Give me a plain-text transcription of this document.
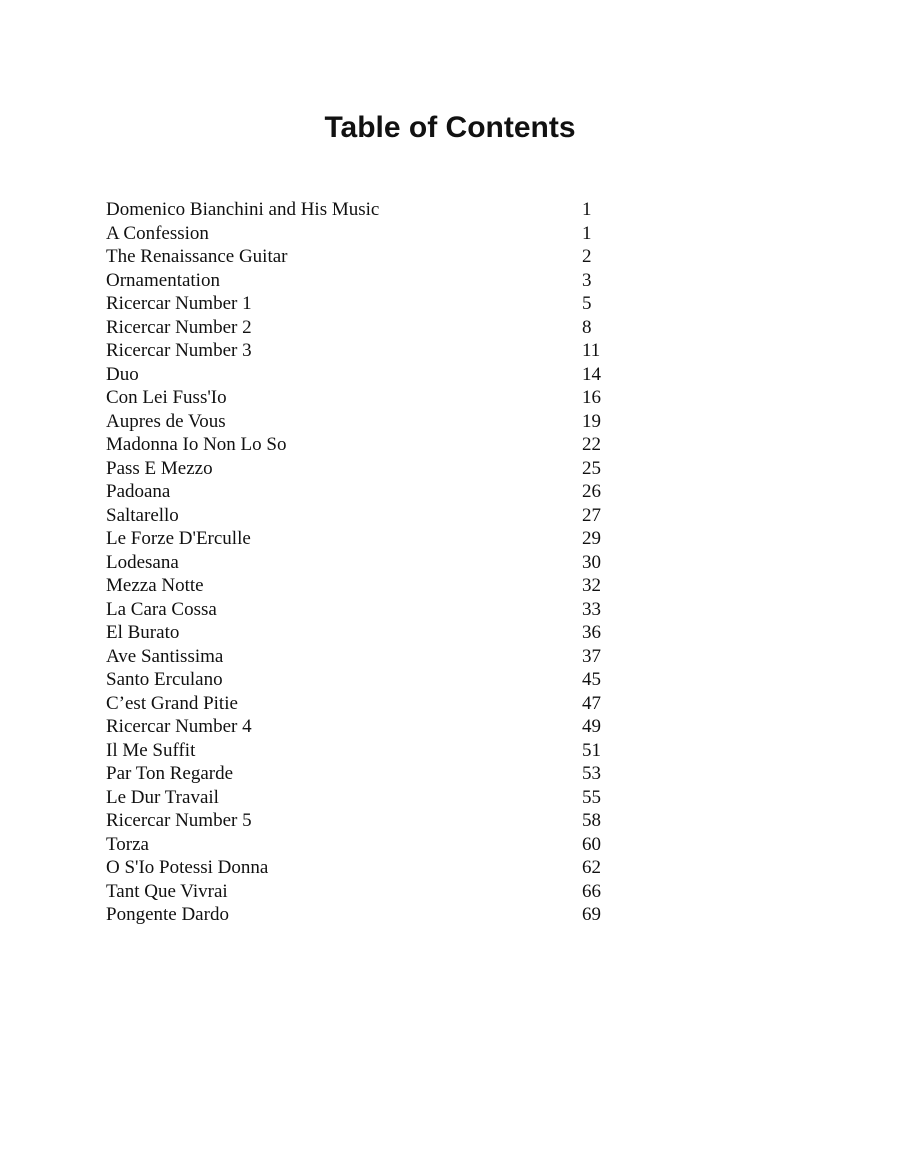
Table of Contents
Domenico Bianchini and His Music	1
A Confession	1
The Renaissance Guitar	2
Ornamentation	3
Ricercar Number 1	5
Ricercar Number 2	8
Ricercar Number 3	11
Duo	14
Con Lei Fuss'Io	16
Aupres de Vous	19
Madonna Io Non Lo So	22
Pass E Mezzo	25
Padoana	26
Saltarello	27
Le Forze D'Erculle	29
Lodesana	30
Mezza Notte	32
La Cara Cossa	33
El Burato	36
Ave Santissima	37
Santo Erculano	45
C’est Grand Pitie	47
Ricercar Number 4	49
Il Me Suffit	51
Par Ton Regarde	53
Le Dur Travail	55
Ricercar Number 5	58
Torza	60
O S'Io Potessi Donna	62
Tant Que Vivrai	66
Pongente Dardo	69
